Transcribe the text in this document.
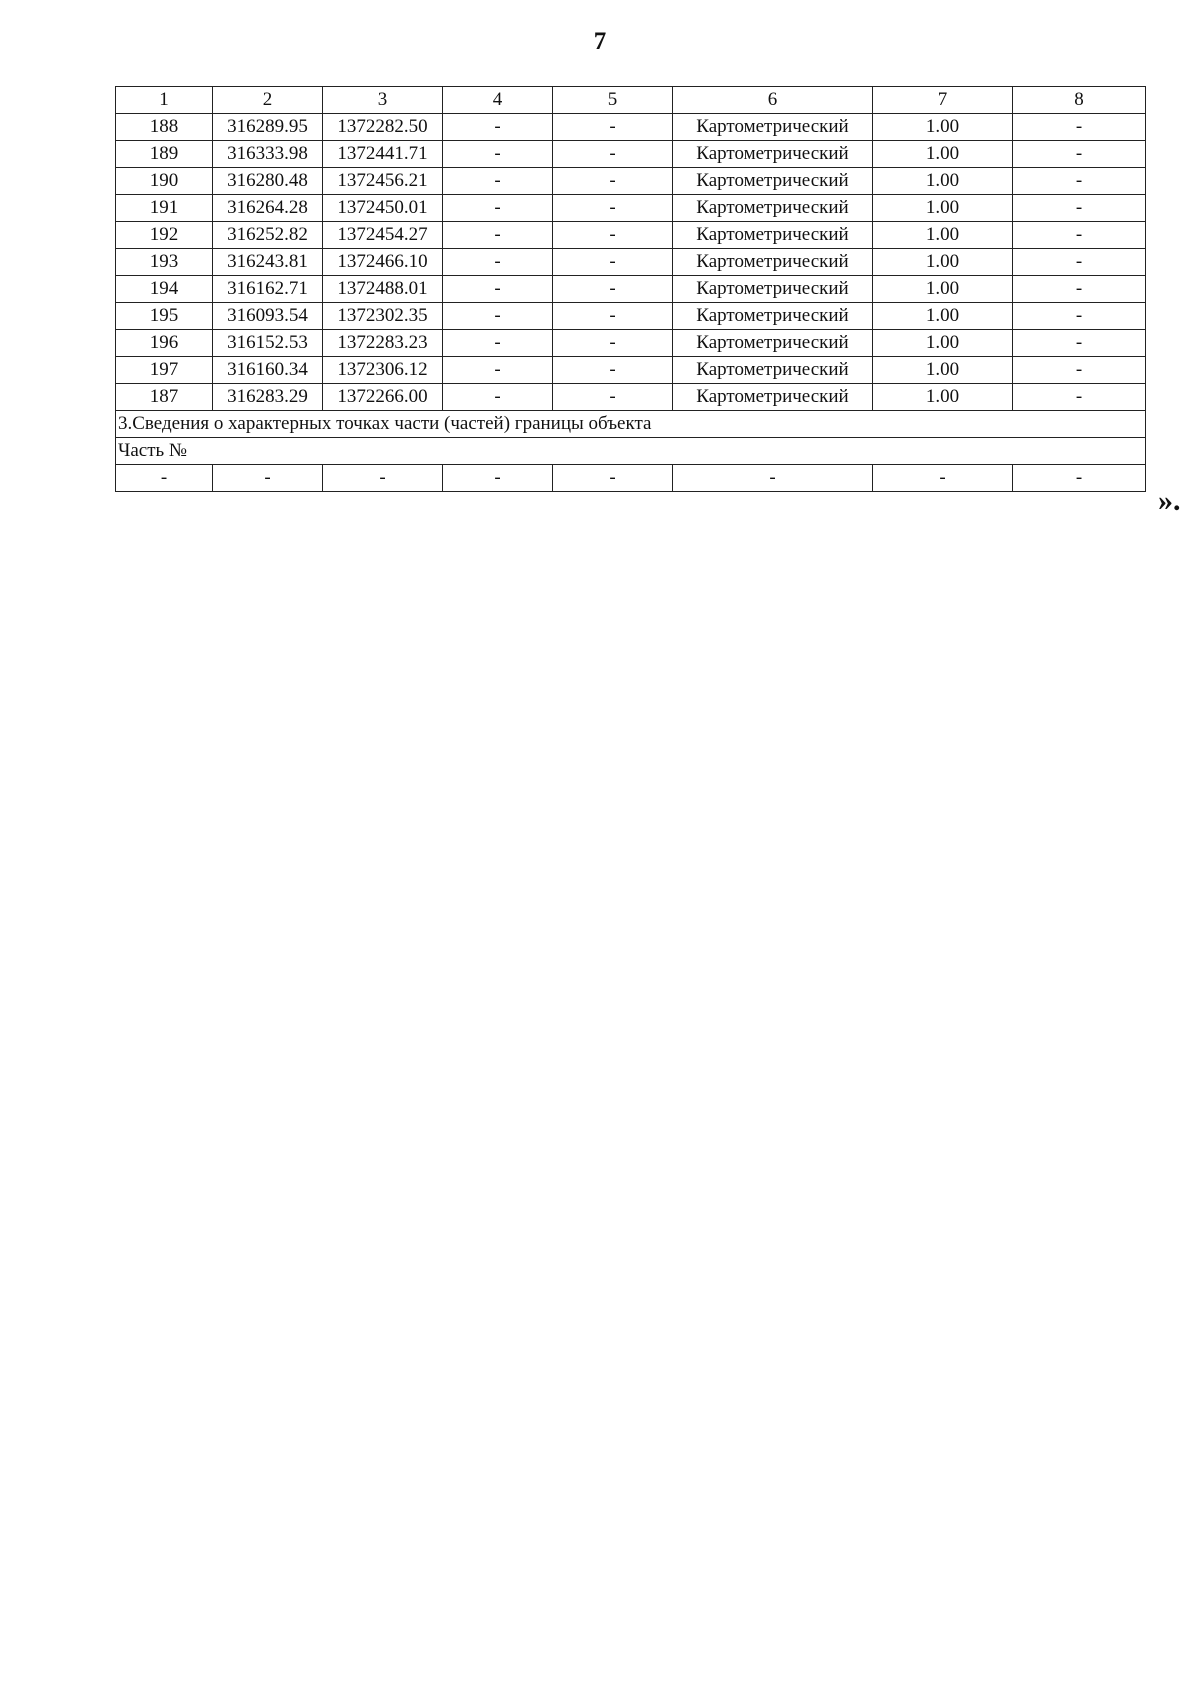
7
1	2	3	4	5	6	7	8
188	316289.95	1372282.50	-	-	Картометрический	1.00	-
189	316333.98	1372441.71	-	-	Картометрический	1.00	-
190	316280.48	1372456.21	-	-	Картометрический	1.00	-
191	316264.28	1372450.01	-	-	Картометрический	1.00	-
192	316252.82	1372454.27	-	-	Картометрический	1.00	-
193	316243.81	1372466.10	-	-	Картометрический	1.00	-
194	316162.71	1372488.01	-	-	Картометрический	1.00	-
195	316093.54	1372302.35	-	-	Картометрический	1.00	-
196	316152.53	1372283.23	-	-	Картометрический	1.00	-
197	316160.34	1372306.12	-	-	Картометрический	1.00	-
187	316283.29	1372266.00	-	-	Картометрический	1.00	-
3.Сведения о характерных точках части (частей) границы объекта							
Часть №							
-	-	-	-	-	-	-	-
».
